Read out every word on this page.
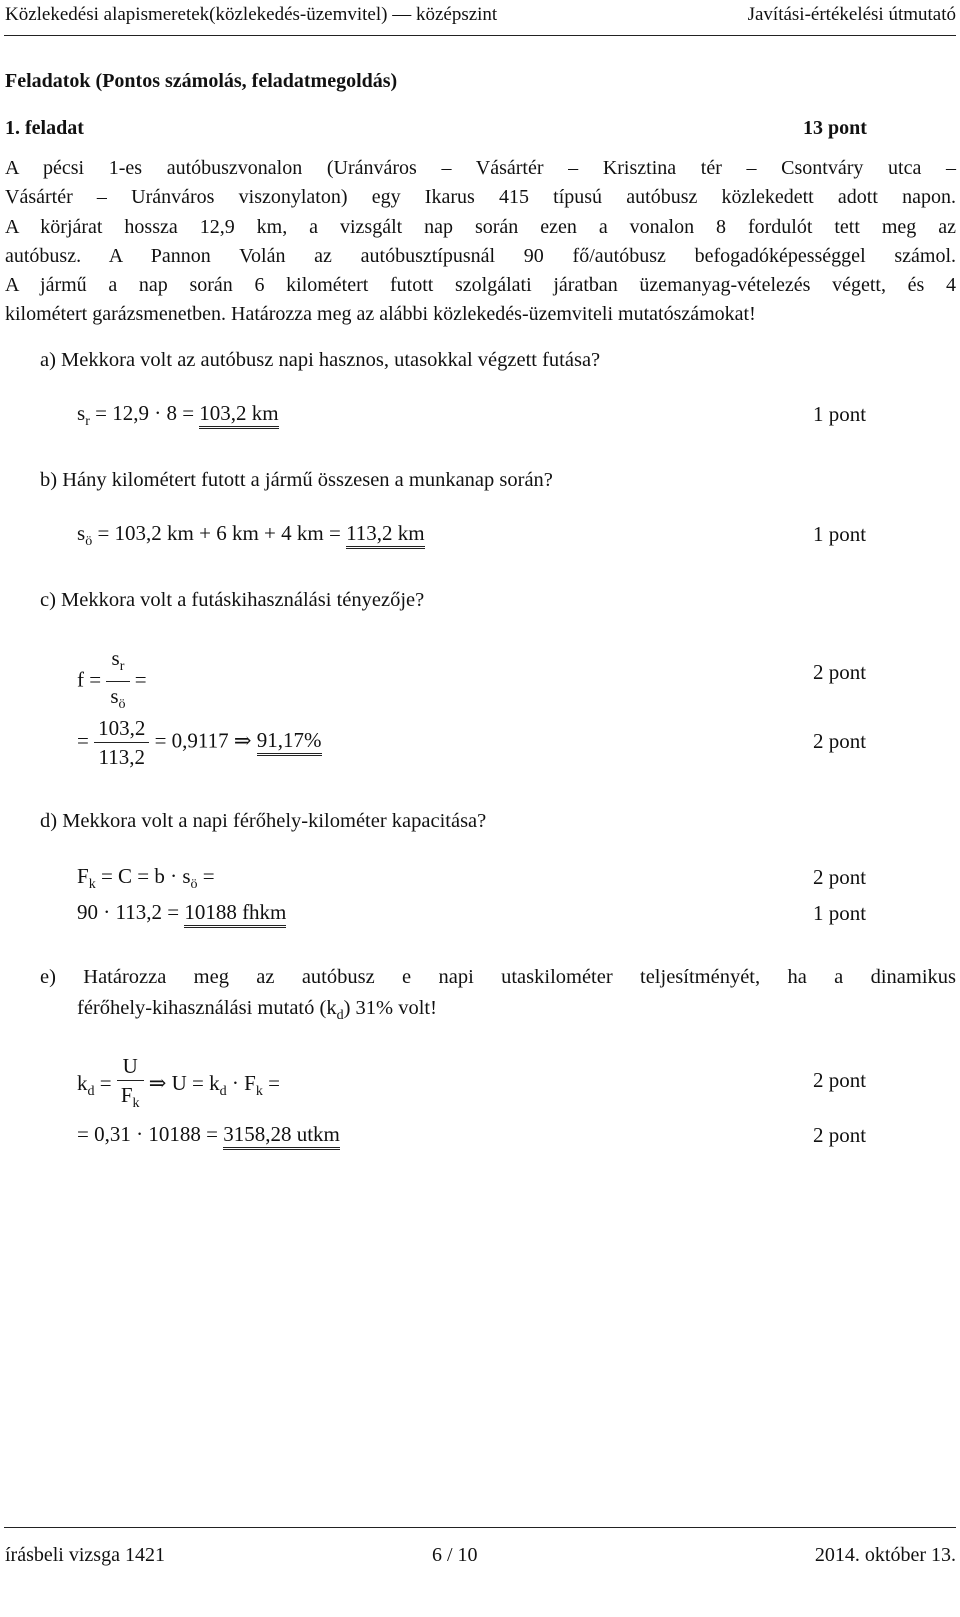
Közlekedési alapismeretek(közlekedés-üzemvitel) — középszint	Javítási-értékelési útmutató
Feladatok (Pontos számolás, feladatmegoldás)
1. feladat	13 pont
A pécsi 1-es autóbuszvonalon (Uránváros – Vásártér – Krisztina tér – Csontváry utca –
Vásártér – Uránváros viszonylaton) egy Ikarus 415 típusú autóbusz közlekedett adott napon.
A körjárat hossza 12,9 km, a vizsgált nap során ezen a vonalon 8 fordulót tett meg az
autóbusz. A Pannon Volán az autóbusztípusnál 90 fő/autóbusz befogadóképességgel számol.
A jármű a nap során 6 kilométert futott szolgálati járatban üzemanyag-vételezés végett, és 4
kilométert garázsmenetben. Határozza meg az alábbi közlekedés-üzemviteli mutatószámokat!
a) Mekkora volt az autóbusz napi hasznos, utasokkal végzett futása?
$s_r = 12,9 \cdot 8 = 103,2$ km	1 pont
b) Hány kilométert futott a jármű összesen a munkanap során?
$s_ö = 103,2$ km + 6 km + 4 km = 113,2 km	1 pont
c) Mekkora volt a futáskihasználási tényezője?
$f = \frac{s_r}{s_ö}$ =	2 pont
= $\frac{103,2}{113,2} = 0,9117$ ⇒ 91,17%	2 pont
d) Mekkora volt a napi férőhely-kilométer kapacitása?
$F_k = C = b \cdot s_ö$ =	2 pont
90 · 113,2 = 10188 fhkm	1 pont
e) Határozza meg az autóbusz e napi utaskilométer teljesítményét, ha a dinamikus
férőhely-kihasználási mutató $(k_d)$ 31% volt!
$k_d = \frac{U}{F_k}$ ⇒ $U = k_d \cdot F_k$ =	2 pont
= 0,31 · 10188 = 3158,28 utkm	2 pont
írásbeli vizsga 1421	6 / 10	2014. október 13.
